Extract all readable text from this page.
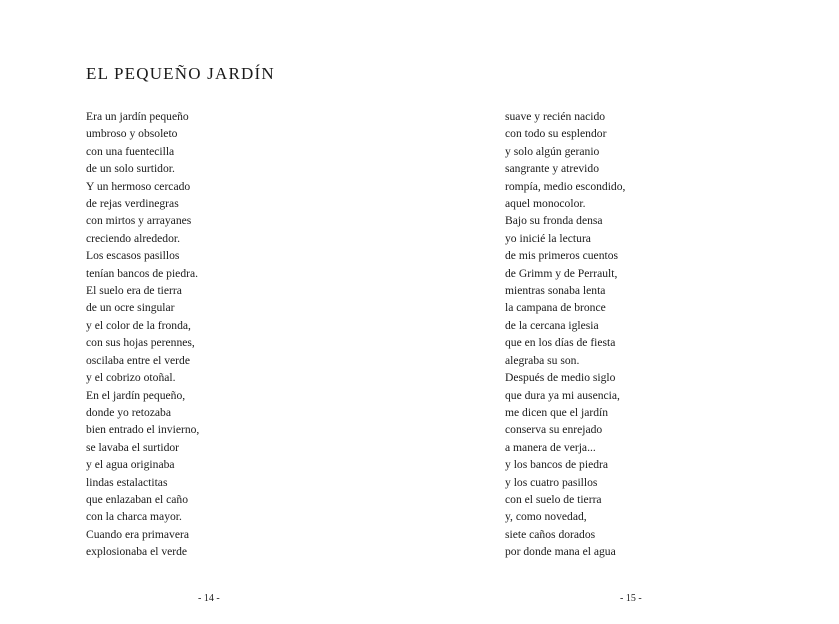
EL PEQUEÑO JARDÍN
Era un jardín pequeño
umbroso y obsoleto
con una fuentecilla
de un solo surtidor.
Y un hermoso cercado
de rejas verdinegras
con mirtos y arrayanes
creciendo alrededor.
Los escasos pasillos
tenían bancos de piedra.
El suelo era de tierra
de un ocre singular
y el color de la fronda,
con sus hojas perennes,
oscilaba entre el verde
y el cobrizo otoñal.
En el jardín pequeño,
donde yo retozaba
bien entrado el invierno,
se lavaba el surtidor
y el agua originaba
lindas estalactitas
que enlazaban el caño
con la charca mayor.
Cuando era primavera
explosionaba el verde
suave y recién nacido
con todo su esplendor
y solo algún geranio
sangrante y atrevido
rompía, medio escondido,
aquel monocolor.
Bajo su fronda densa
yo inicié la lectura
de mis primeros cuentos
de Grimm y de Perrault,
mientras sonaba lenta
la campana de bronce
de la cercana iglesia
que en los días de fiesta
alegraba su son.
Después de medio siglo
que dura ya mi ausencia,
me dicen que el jardín
conserva su enrejado
a manera de verja...
y los bancos de piedra
y los cuatro pasillos
con el suelo de tierra
y, como novedad,
siete caños dorados
por donde mana el agua
- 14 -	- 15 -
